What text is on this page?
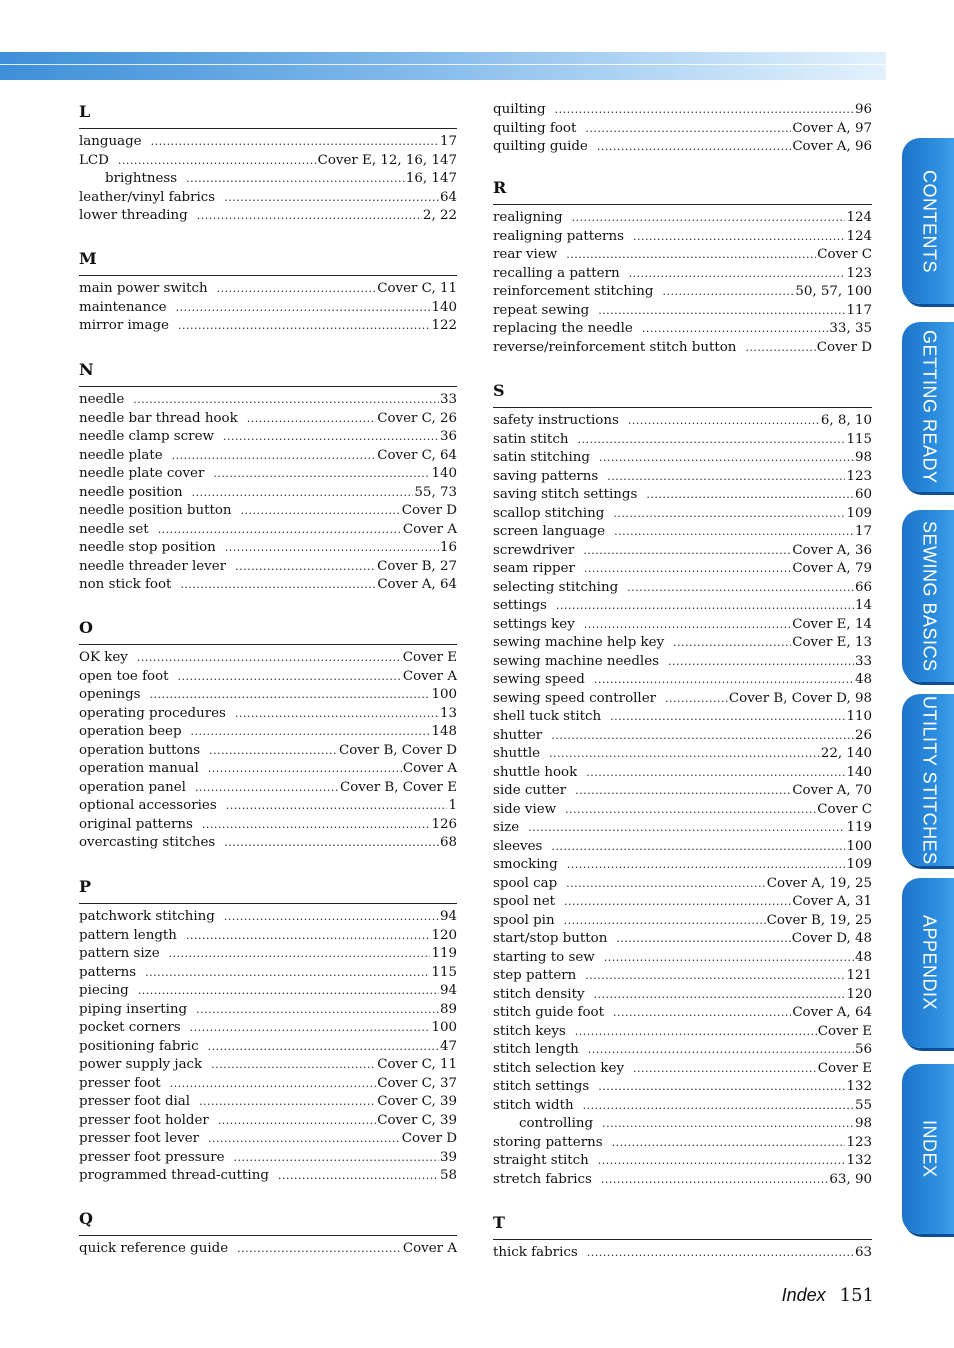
L
language .....	17
LCD .....	Cover E, 12, 16, 147
brightness .....	16, 147
leather/vinyl fabrics .....	64
lower threading .....	2, 22
M
main power switch .....	Cover C, 11
maintenance .....	140
mirror image .....	122
N
needle .....	33
needle bar thread hook .....	Cover C, 26
needle clamp screw .....	36
needle plate .....	Cover C, 64
needle plate cover .....	140
needle position .....	55, 73
needle position button .....	Cover D
needle set .....	Cover A
needle stop position .....	16
needle threader lever .....	Cover B, 27
non stick foot .....	Cover A, 64
O
OK key .....	Cover E
open toe foot .....	Cover A
openings .....	100
operating procedures .....	13
operation beep .....	148
operation buttons .....	Cover B, Cover D
operation manual .....	Cover A
operation panel .....	Cover B, Cover E
optional accessories .....	1
original patterns .....	126
overcasting stitches .....	68
P
patchwork stitching .....	94
pattern length .....	120
pattern size .....	119
patterns .....	115
piecing .....	94
piping inserting .....	89
pocket corners .....	100
positioning fabric .....	47
power supply jack .....	Cover C, 11
presser foot .....	Cover C, 37
presser foot dial .....	Cover C, 39
presser foot holder .....	Cover C, 39
presser foot lever .....	Cover D
presser foot pressure .....	39
programmed thread-cutting .....	58
Q
quick reference guide .....	Cover A
quilting .....	96
quilting foot .....	Cover A, 97
quilting guide .....	Cover A, 96
R
realigning .....	124
realigning patterns .....	124
rear view .....	Cover C
recalling a pattern .....	123
reinforcement stitching .....	50, 57, 100
repeat sewing .....	117
replacing the needle .....	33, 35
reverse/reinforcement stitch button .....	Cover D
S
safety instructions .....	6, 8, 10
satin stitch .....	115
satin stitching .....	98
saving patterns .....	123
saving stitch settings .....	60
scallop stitching .....	109
screen language .....	17
screwdriver .....	Cover A, 36
seam ripper .....	Cover A, 79
selecting stitching .....	66
settings .....	14
settings key .....	Cover E, 14
sewing machine help key .....	Cover E, 13
sewing machine needles .....	33
sewing speed .....	48
sewing speed controller .....	Cover B, Cover D, 98
shell tuck stitch .....	110
shutter .....	26
shuttle .....	22, 140
shuttle hook .....	140
side cutter .....	Cover A, 70
side view .....	Cover C
size .....	119
sleeves .....	100
smocking .....	109
spool cap .....	Cover A, 19, 25
spool net .....	Cover A, 31
spool pin .....	Cover B, 19, 25
start/stop button .....	Cover D, 48
starting to sew .....	48
step pattern .....	121
stitch density .....	120
stitch guide foot .....	Cover A, 64
stitch keys .....	Cover E
stitch length .....	56
stitch selection key .....	Cover E
stitch settings .....	132
stitch width .....	55
controlling .....	98
storing patterns .....	123
straight stitch .....	132
stretch fabrics .....	63, 90
T
thick fabrics .....	63
CONTENTS
GETTING READY
SEWING BASICS
UTILITY STITCHES
APPENDIX
INDEX
Index 151
